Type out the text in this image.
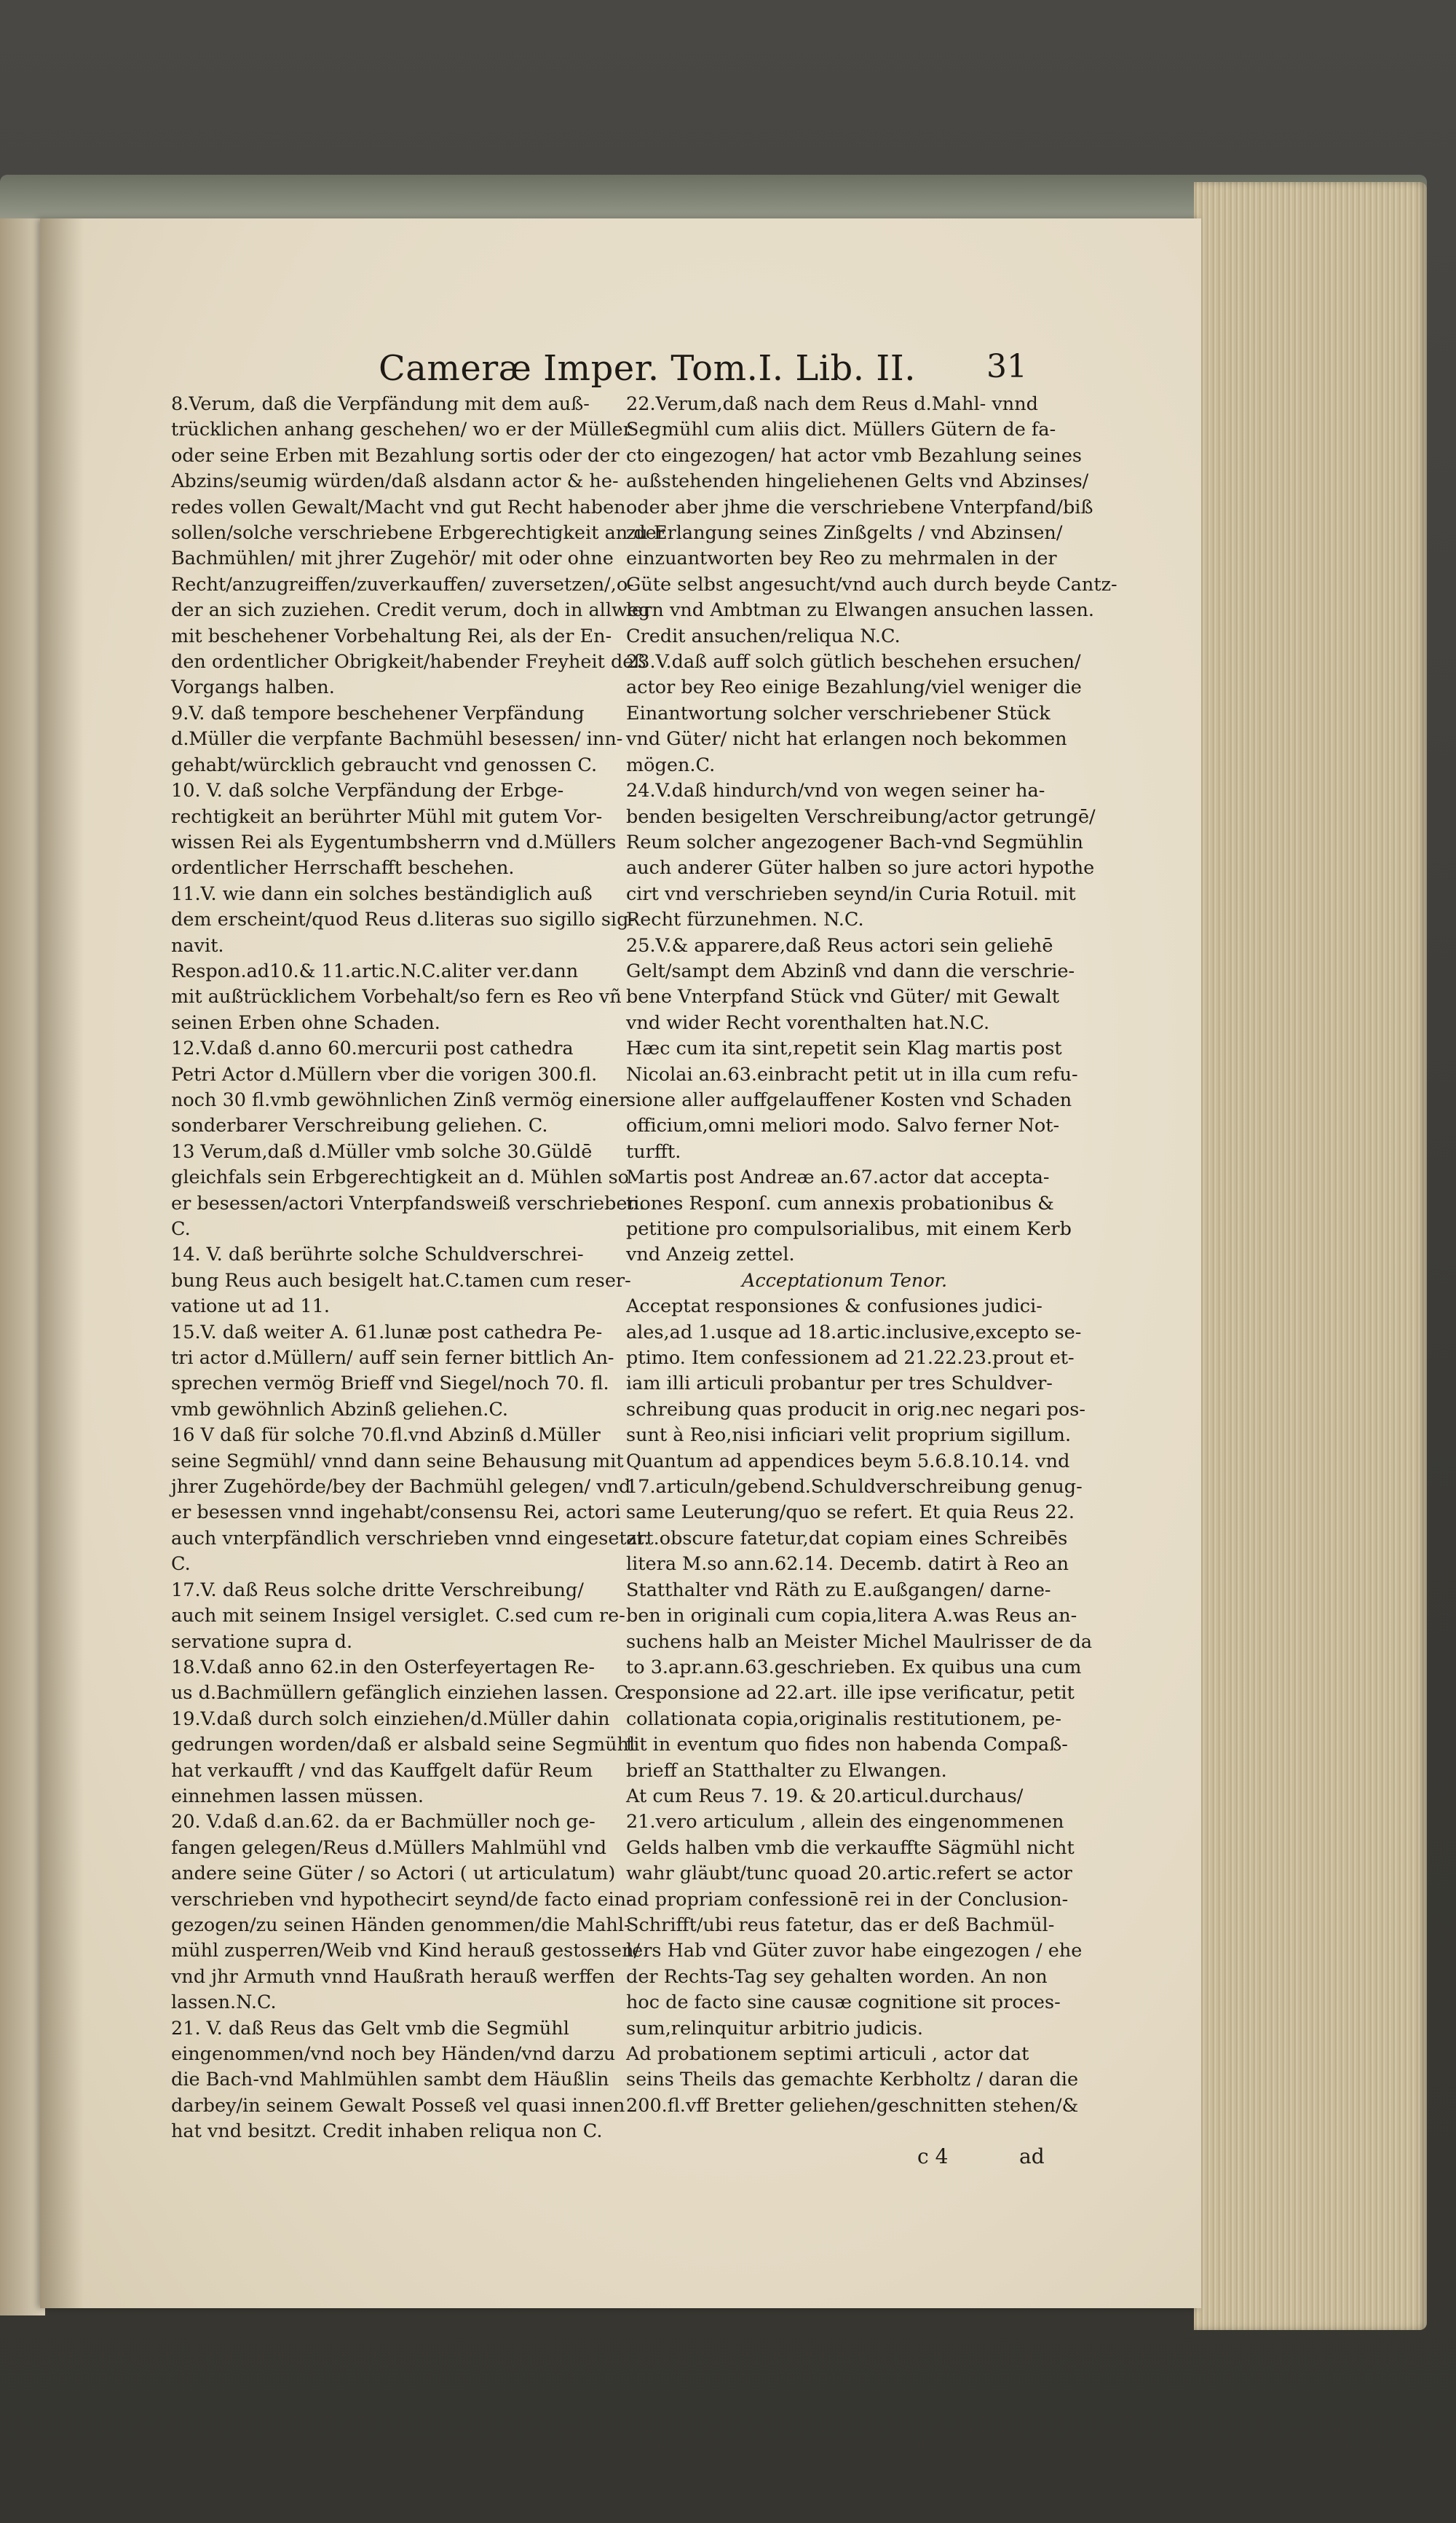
Cameræ Imper. Tom.I. Lib. II.	31

8.Verum, daß die Verpfändung mit dem auß-

trücklichen anhang geschehen/ wo er der Müller

oder seine Erben mit Bezahlung sortis oder der

Abzins/seumig würden/daß alsdann actor & he-

redes vollen Gewalt/Macht vnd gut Recht haben

sollen/solche verschriebene Erbgerechtigkeit an der

Bachmühlen/ mit jhrer Zugehör/ mit oder ohne

Recht/anzugreiffen/zuverkauffen/ zuversetzen/,o-

der an sich zuziehen. Credit verum, doch in allweg

mit beschehener Vorbehaltung Rei, als der En-

den ordentlicher Obrigkeit/habender Freyheit deß

Vorgangs halben.

9.V. daß tempore beschehener Verpfändung

d.Müller die verpfante Bachmühl besessen/ inn-

gehabt/würcklich gebraucht vnd genossen C.

10. V. daß solche Verpfändung der Erbge-

rechtigkeit an berührter Mühl mit gutem Vor-

wissen Rei als Eygentumbsherrn vnd d.Müllers

ordentlicher Herrschafft beschehen.

11.V. wie dann ein solches beständiglich auß

dem erscheint/quod Reus d.literas suo sigillo sig-

navit.

Respon.ad10.& 11.artic.N.C.aliter ver.dann

mit außtrücklichem Vorbehalt/so fern es Reo vñ

seinen Erben ohne Schaden.

12.V.daß d.anno 60.mercurii post cathedra

Petri Actor d.Müllern vber die vorigen 300.fl.

noch 30 fl.vmb gewöhnlichen Zinß vermög einer

sonderbarer Verschreibung geliehen. C.

13 Verum,daß d.Müller vmb solche 30.Güldē

gleichfals sein Erbgerechtigkeit an d. Mühlen so

er besessen/actori Vnterpfandsweiß verschrieben.

C.

14. V. daß berührte solche Schuldverschrei-

bung Reus auch besigelt hat.C.tamen cum reser-

vatione ut ad 11.

15.V. daß weiter A. 61.lunæ post cathedra Pe-

tri actor d.Müllern/ auff sein ferner bittlich An-

sprechen vermög Brieff vnd Siegel/noch 70. fl.

vmb gewöhnlich Abzinß geliehen.C.

16 V daß für solche 70.fl.vnd Abzinß d.Müller

seine Segmühl/ vnnd dann seine Behausung mit

jhrer Zugehörde/bey der Bachmühl gelegen/ vnd

er besessen vnnd ingehabt/consensu Rei, actori

auch vnterpfändlich verschrieben vnnd eingesetzt.

C.

17.V. daß Reus solche dritte Verschreibung/

auch mit seinem Insigel versiglet. C.sed cum re-

servatione supra d.

18.V.daß anno 62.in den Osterfeyertagen Re-

us d.Bachmüllern gefänglich einziehen lassen. C.

19.V.daß durch solch einziehen/d.Müller dahin

gedrungen worden/daß er alsbald seine Segmühl

hat verkaufft / vnd das Kauffgelt dafür Reum

einnehmen lassen müssen.

20. V.daß d.an.62. da er Bachmüller noch ge-

fangen gelegen/Reus d.Müllers Mahlmühl vnd

andere seine Güter / so Actori ( ut articulatum)

verschrieben vnd hypothecirt seynd/de facto ein-

gezogen/zu seinen Händen genommen/die Mahl-

mühl zusperren/Weib vnd Kind herauß gestossen/

vnd jhr Armuth vnnd Haußrath herauß werffen

lassen.N.C.

21. V. daß Reus das Gelt vmb die Segmühl

eingenommen/vnd noch bey Händen/vnd darzu

die Bach-vnd Mahlmühlen sambt dem Häußlin

darbey/in seinem Gewalt Posseß vel quasi innen

hat vnd besitzt. Credit inhaben reliqua non C.

22.Verum,daß nach dem Reus d.Mahl- vnnd

Segmühl cum aliis dict. Müllers Gütern de fa-

cto eingezogen/ hat actor vmb Bezahlung seines

außstehenden hingeliehenen Gelts vnd Abzinses/

oder aber jhme die verschriebene Vnterpfand/biß

zu Erlangung seines Zinßgelts / vnd Abzinsen/

einzuantworten bey Reo zu mehrmalen in der

Güte selbst angesucht/vnd auch durch beyde Cantz-

lern vnd Ambtman zu Elwangen ansuchen lassen.

Credit ansuchen/reliqua N.C.

23.V.daß auff solch gütlich beschehen ersuchen/

actor bey Reo einige Bezahlung/viel weniger die

Einantwortung solcher verschriebener Stück

vnd Güter/ nicht hat erlangen noch bekommen

mögen.C.

24.V.daß hindurch/vnd von wegen seiner ha-

benden besigelten Verschreibung/actor getrungē/

Reum solcher angezogener Bach-vnd Segmühlin

auch anderer Güter halben so jure actori hypothe

cirt vnd verschrieben seynd/in Curia Rotuil. mit

Recht fürzunehmen. N.C.

25.V.& apparere,daß Reus actori sein geliehē

Gelt/sampt dem Abzinß vnd dann die verschrie-

bene Vnterpfand Stück vnd Güter/ mit Gewalt

vnd wider Recht vorenthalten hat.N.C.

Hæc cum ita sint,repetit sein Klag martis post

Nicolai an.63.einbracht petit ut in illa cum refu-

sione aller auffgelauffener Kosten vnd Schaden

officium,omni meliori modo. Salvo ferner Not-

turfft.

Martis post Andreæ an.67.actor dat accepta-

tiones Responſ. cum annexis probationibus &

petitione pro compulsorialibus, mit einem Kerb

vnd Anzeig zettel.

Acceptationum Tenor.

Acceptat responsiones & confusiones judici-

ales,ad 1.usque ad 18.artic.inclusive,excepto se-

ptimo. Item confessionem ad 21.22.23.prout et-

iam illi articuli probantur per tres Schuldver-

schreibung quas producit in orig.nec negari pos-

sunt à Reo,nisi inficiari velit proprium sigillum.

Quantum ad appendices beym 5.6.8.10.14. vnd

17.articuln/gebend.Schuldverschreibung genug-

same Leuterung/quo se refert. Et quia Reus 22.

art.obscure fatetur,dat copiam eines Schreibēs

litera M.so ann.62.14. Decemb. datirt à Reo an

Statthalter vnd Räth zu E.außgangen/ darne-

ben in originali cum copia,litera A.was Reus an-

suchens halb an Meister Michel Maulrisser de da

to 3.apr.ann.63.geschrieben. Ex quibus una cum

responsione ad 22.art. ille ipse verificatur, petit

collationata copia,originalis restitutionem, pe-

tit in eventum quo fides non habenda Compaß-

brieff an Statthalter zu Elwangen.

At cum Reus 7. 19. & 20.articul.durchaus/

21.vero articulum , allein des eingenommenen

Gelds halben vmb die verkauffte Sägmühl nicht

wahr gläubt/tunc quoad 20.artic.refert se actor

ad propriam confessionē rei in der Conclusion-

Schrifft/ubi reus fatetur, das er deß Bachmül-

lers Hab vnd Güter zuvor habe eingezogen / ehe

der Rechts-Tag sey gehalten worden. An non

hoc de facto sine causæ cognitione sit proces-

sum,relinquitur arbitrio judicis.

Ad probationem septimi articuli , actor dat

seins Theils das gemachte Kerbholtz / daran die

200.fl.vff Bretter geliehen/geschnitten stehen/&

c 4	ad
